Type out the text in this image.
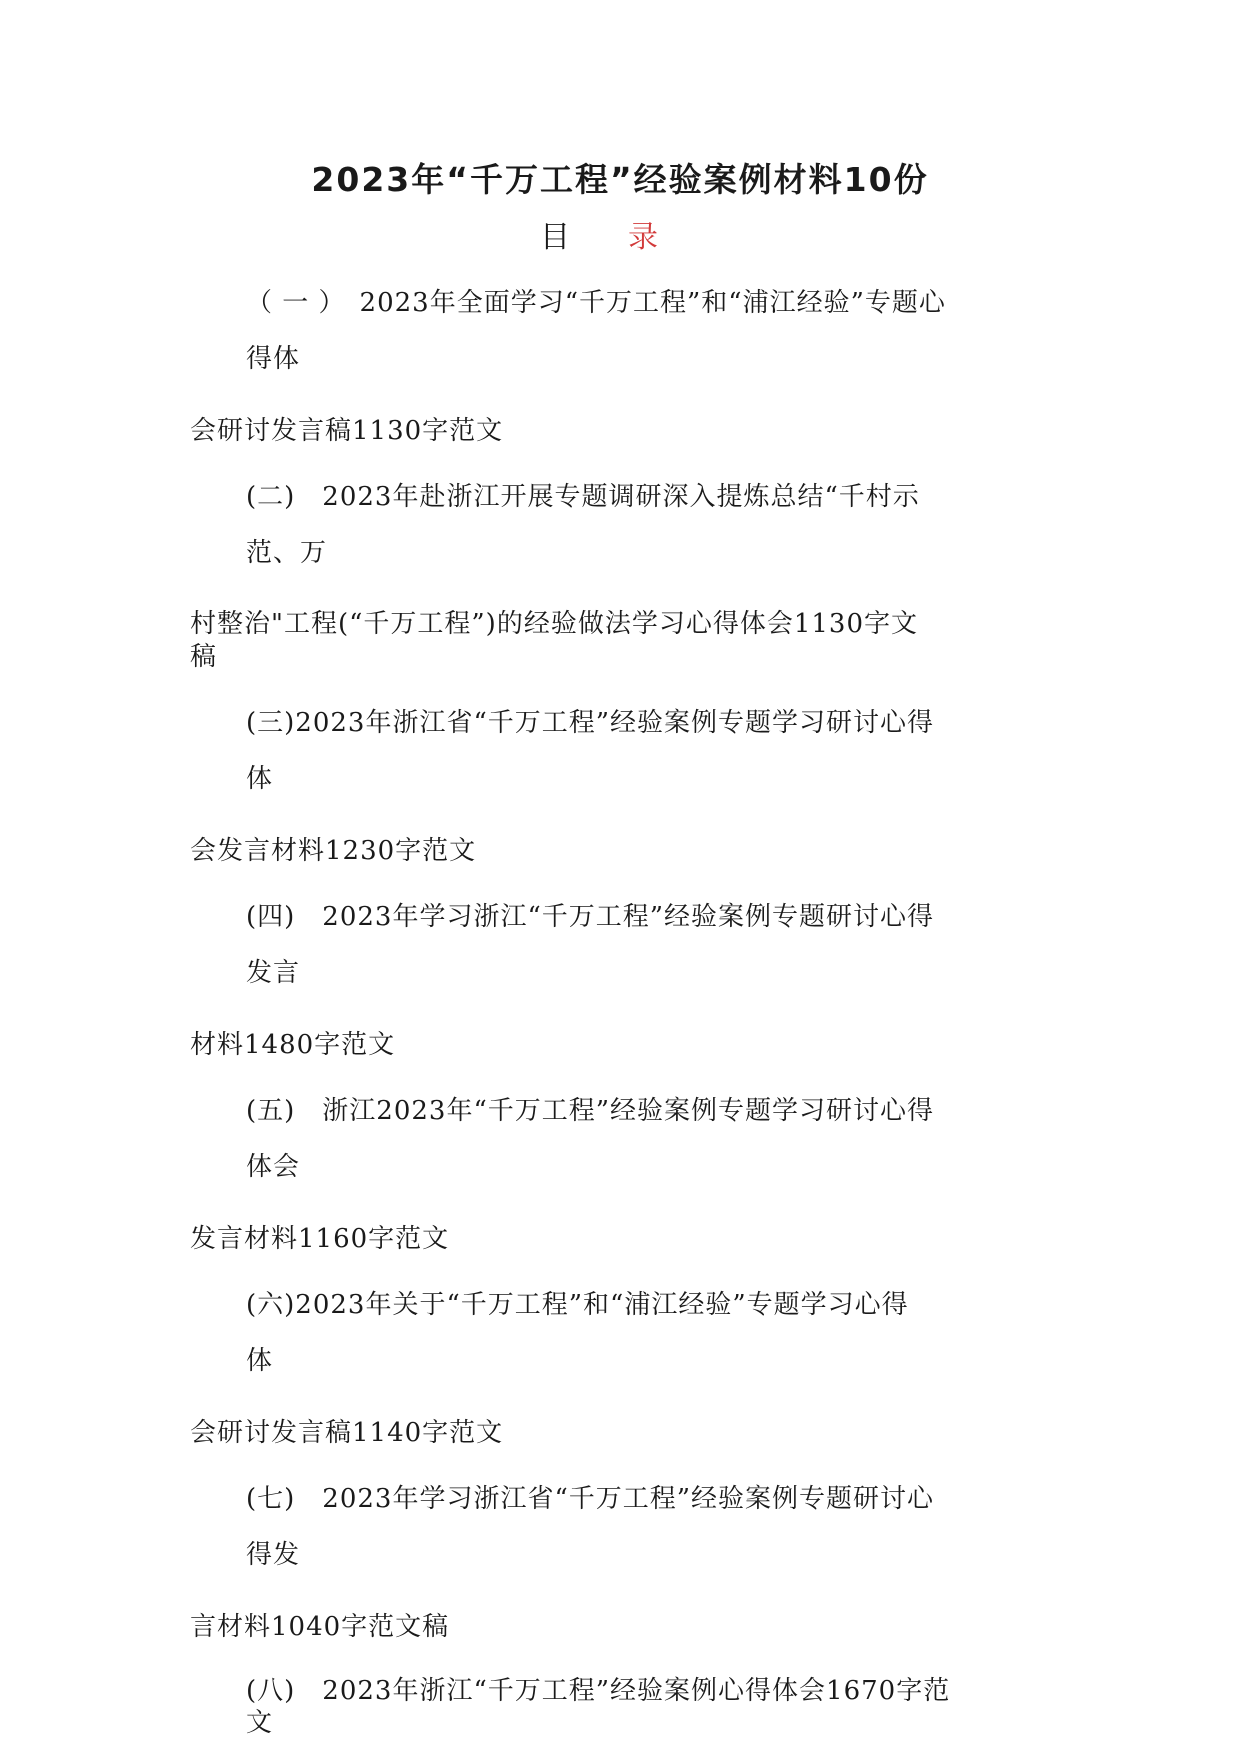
2023年“千万工程”经验案例材料10份
目 录
（ 一 ）　2023年全面学习“千万工程”和“浦江经验”专题心
得体
会研讨发言稿1130字范文
(二)　2023年赴浙江开展专题调研深入提炼总结“千村示
范、万
村整治"工程(“千万工程”)的经验做法学习心得体会1130字文
稿
(三)2023年浙江省“千万工程”经验案例专题学习研讨心得
体
会发言材料1230字范文
(四)　2023年学习浙江“千万工程”经验案例专题研讨心得
发言
材料1480字范文
(五)　浙江2023年“千万工程”经验案例专题学习研讨心得
体会
发言材料1160字范文
(六)2023年关于“千万工程”和“浦江经验”专题学习心得
体
会研讨发言稿1140字范文
(七)　2023年学习浙江省“千万工程”经验案例专题研讨心
得发
言材料1040字范文稿
(八)　2023年浙江“千万工程”经验案例心得体会1670字范
文
